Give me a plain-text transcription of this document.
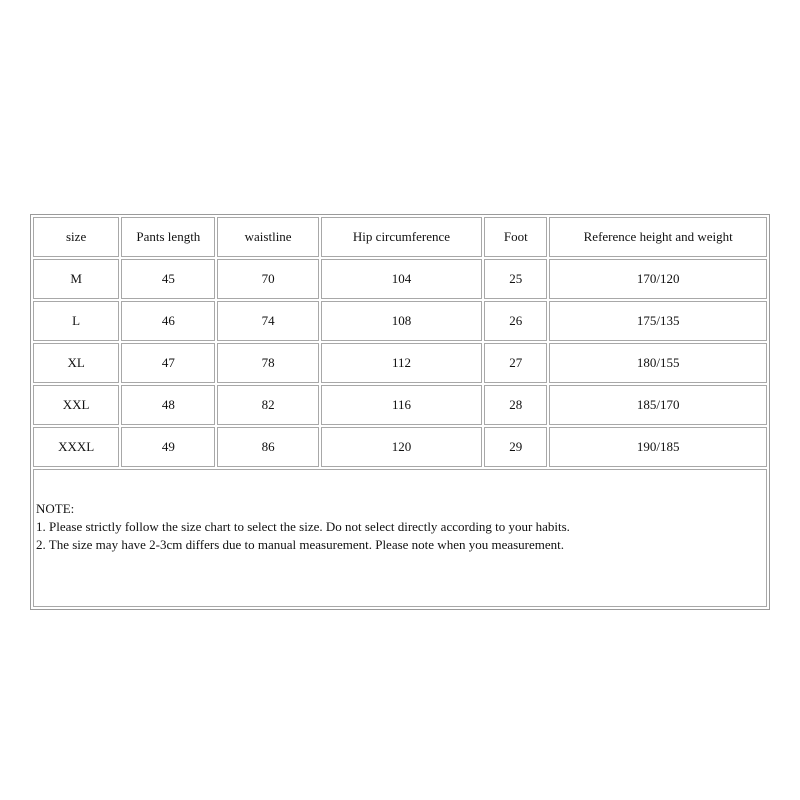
size	Pants length	waistline	Hip circumference	Foot	Reference height and weight
M	45	70	104	25	170/120
L	46	74	108	26	175/135
XL	47	78	112	27	180/155
XXL	48	82	116	28	185/170
XXXL	49	86	120	29	190/185

NOTE:
1. Please strictly follow the size chart to select the size. Do not select directly according to your habits.
2. The size may have 2-3cm differs due to manual measurement. Please note when you measurement.					
